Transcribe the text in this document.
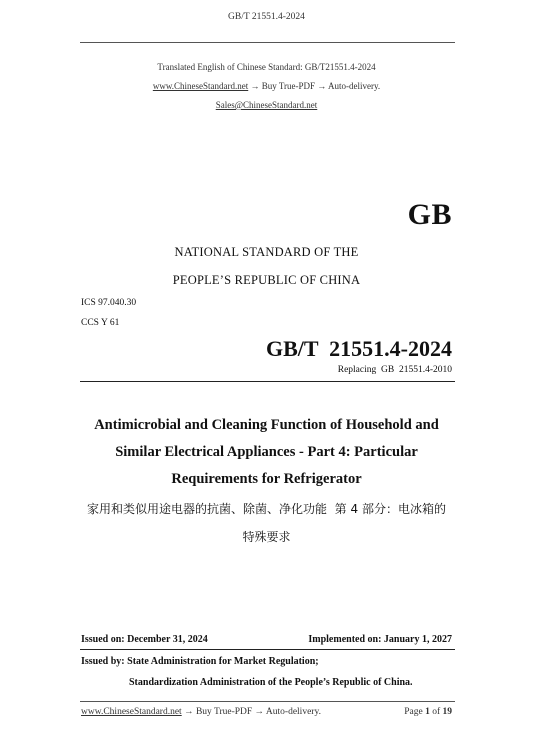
GB/T 21551.4-2024
Translated English of Chinese Standard: GB/T21551.4-2024
www.ChineseStandard.net → Buy True-PDF → Auto-delivery.
Sales@ChineseStandard.net
GB
NATIONAL STANDARD OF THE
PEOPLE’S REPUBLIC OF CHINA
ICS 97.040.30
CCS Y 61
GB/T  21551.4-2024
Replacing  GB  21551.4-2010
Antimicrobial and Cleaning Function of Household and
Similar Electrical Appliances - Part 4: Particular
Requirements for Refrigerator
家用和类似用途电器的抗菌、除菌、净化功能  第 4 部分：电冰箱的
特殊要求
Issued on: December 31, 2024	Implemented on: January 1, 2027
Issued by: State Administration for Market Regulation;
Standardization Administration of the People’s Republic of China.
www.ChineseStandard.net → Buy True-PDF → Auto-delivery.	Page 1 of 19
